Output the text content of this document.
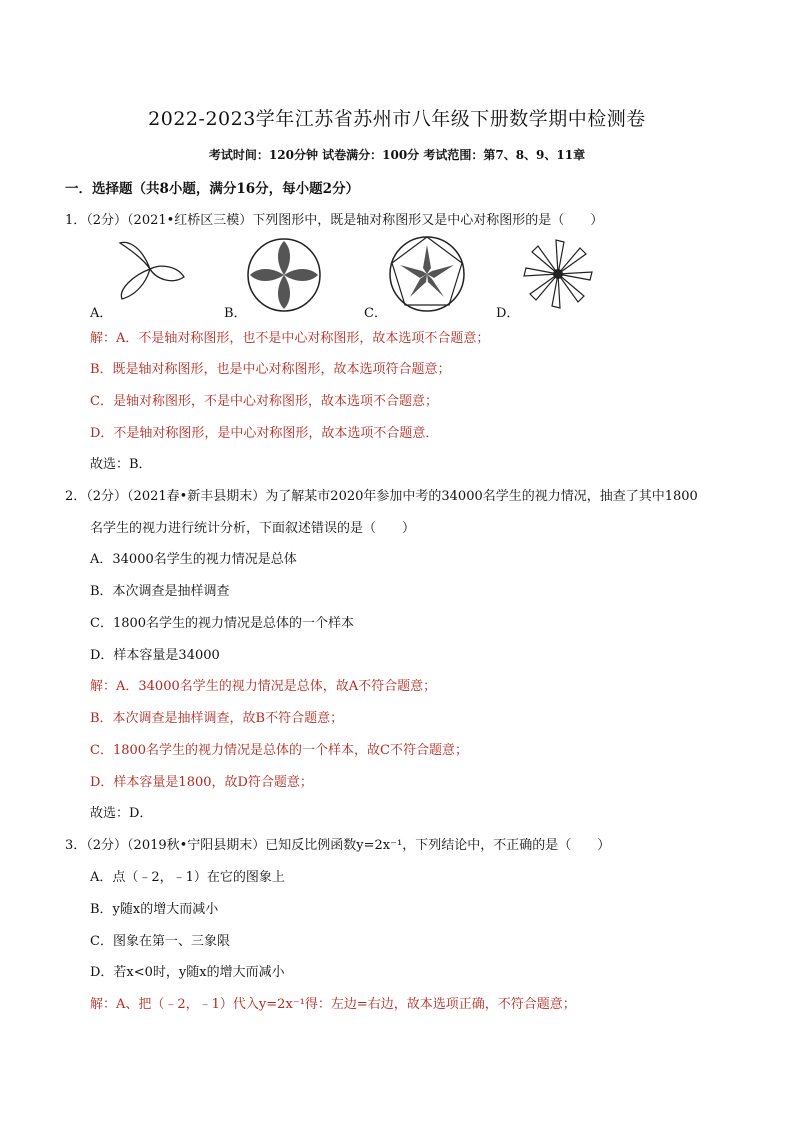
2022-2023学年江苏省苏州市八年级下册数学期中检测卷
考试时间：120分钟 试卷满分：100分 考试范围：第7、8、9、11章
一．选择题（共8小题，满分16分，每小题2分）
1．（2分）（2021•红桥区三模）下列图形中，既是轴对称图形又是中心对称图形的是（　　）
A．	B．	C．	D．
解：A．不是轴对称图形，也不是中心对称图形，故本选项不合题意；
B．既是轴对称图形，也是中心对称图形，故本选项符合题意；
C．是轴对称图形，不是中心对称图形，故本选项不合题意；
D．不是轴对称图形，是中心对称图形，故本选项不合题意．
故选：B．
2．（2分）（2021春•新丰县期末）为了解某市2020年参加中考的34000名学生的视力情况，抽查了其中1800
名学生的视力进行统计分析，下面叙述错误的是（　　）
A．34000名学生的视力情况是总体
B．本次调查是抽样调查
C．1800名学生的视力情况是总体的一个样本
D．样本容量是34000
解：A．34000名学生的视力情况是总体，故A不符合题意；
B．本次调查是抽样调查，故B不符合题意；
C．1800名学生的视力情况是总体的一个样本，故C不符合题意；
D．样本容量是1800，故D符合题意；
故选：D．
3．（2分）（2019秋•宁阳县期末）已知反比例函数y=2x⁻¹，下列结论中，不正确的是（　　）
A．点（﹣2，﹣1）在它的图象上
B．y随x的增大而减小
C．图象在第一、三象限
D．若x<0时，y随x的增大而减小
解：A、把（﹣2，﹣1）代入y=2x⁻¹得：左边=右边，故本选项正确，不符合题意；
